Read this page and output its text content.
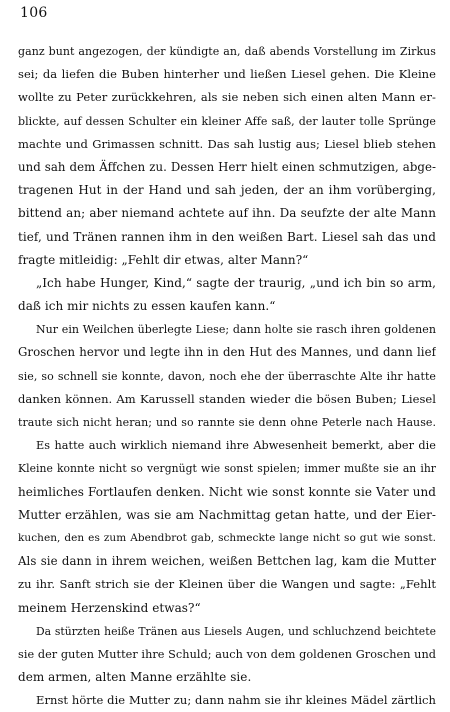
106
ganz bunt angezogen, der kündigte an, daß abends Vorstellung im Zirkus
sei; da liefen die Buben hinterher und ließen Liesel gehen. Die Kleine
wollte zu Peter zurückkehren, als sie neben sich einen alten Mann er-
blickte, auf dessen Schulter ein kleiner Affe saß, der lauter tolle Sprünge
machte und Grimassen schnitt. Das sah lustig aus; Liesel blieb stehen
und sah dem Äffchen zu. Dessen Herr hielt einen schmutzigen, abge-
tragenen Hut in der Hand und sah jeden, der an ihm vorüberging,
bittend an; aber niemand achtete auf ihn. Da seufzte der alte Mann
tief, und Tränen rannen ihm in den weißen Bart. Liesel sah das und
fragte mitleidig: „Fehlt dir etwas, alter Mann?“
„Ich habe Hunger, Kind,“ sagte der traurig, „und ich bin so arm,
daß ich mir nichts zu essen kaufen kann.“
Nur ein Weilchen überlegte Liese; dann holte sie rasch ihren goldenen
Groschen hervor und legte ihn in den Hut des Mannes, und dann lief
sie, so schnell sie konnte, davon, noch ehe der überraschte Alte ihr hatte
danken können. Am Karussell standen wieder die bösen Buben; Liesel
traute sich nicht heran; und so rannte sie denn ohne Peterle nach Hause.
Es hatte auch wirklich niemand ihre Abwesenheit bemerkt, aber die
Kleine konnte nicht so vergnügt wie sonst spielen; immer mußte sie an ihr
heimliches Fortlaufen denken. Nicht wie sonst konnte sie Vater und
Mutter erzählen, was sie am Nachmittag getan hatte, und der Eier-
kuchen, den es zum Abendbrot gab, schmeckte lange nicht so gut wie sonst.
Als sie dann in ihrem weichen, weißen Bettchen lag, kam die Mutter
zu ihr. Sanft strich sie der Kleinen über die Wangen und sagte: „Fehlt
meinem Herzenskind etwas?“
Da stürzten heiße Tränen aus Liesels Augen, und schluchzend beichtete
sie der guten Mutter ihre Schuld; auch von dem goldenen Groschen und
dem armen, alten Manne erzählte sie.
Ernst hörte die Mutter zu; dann nahm sie ihr kleines Mädel zärtlich
